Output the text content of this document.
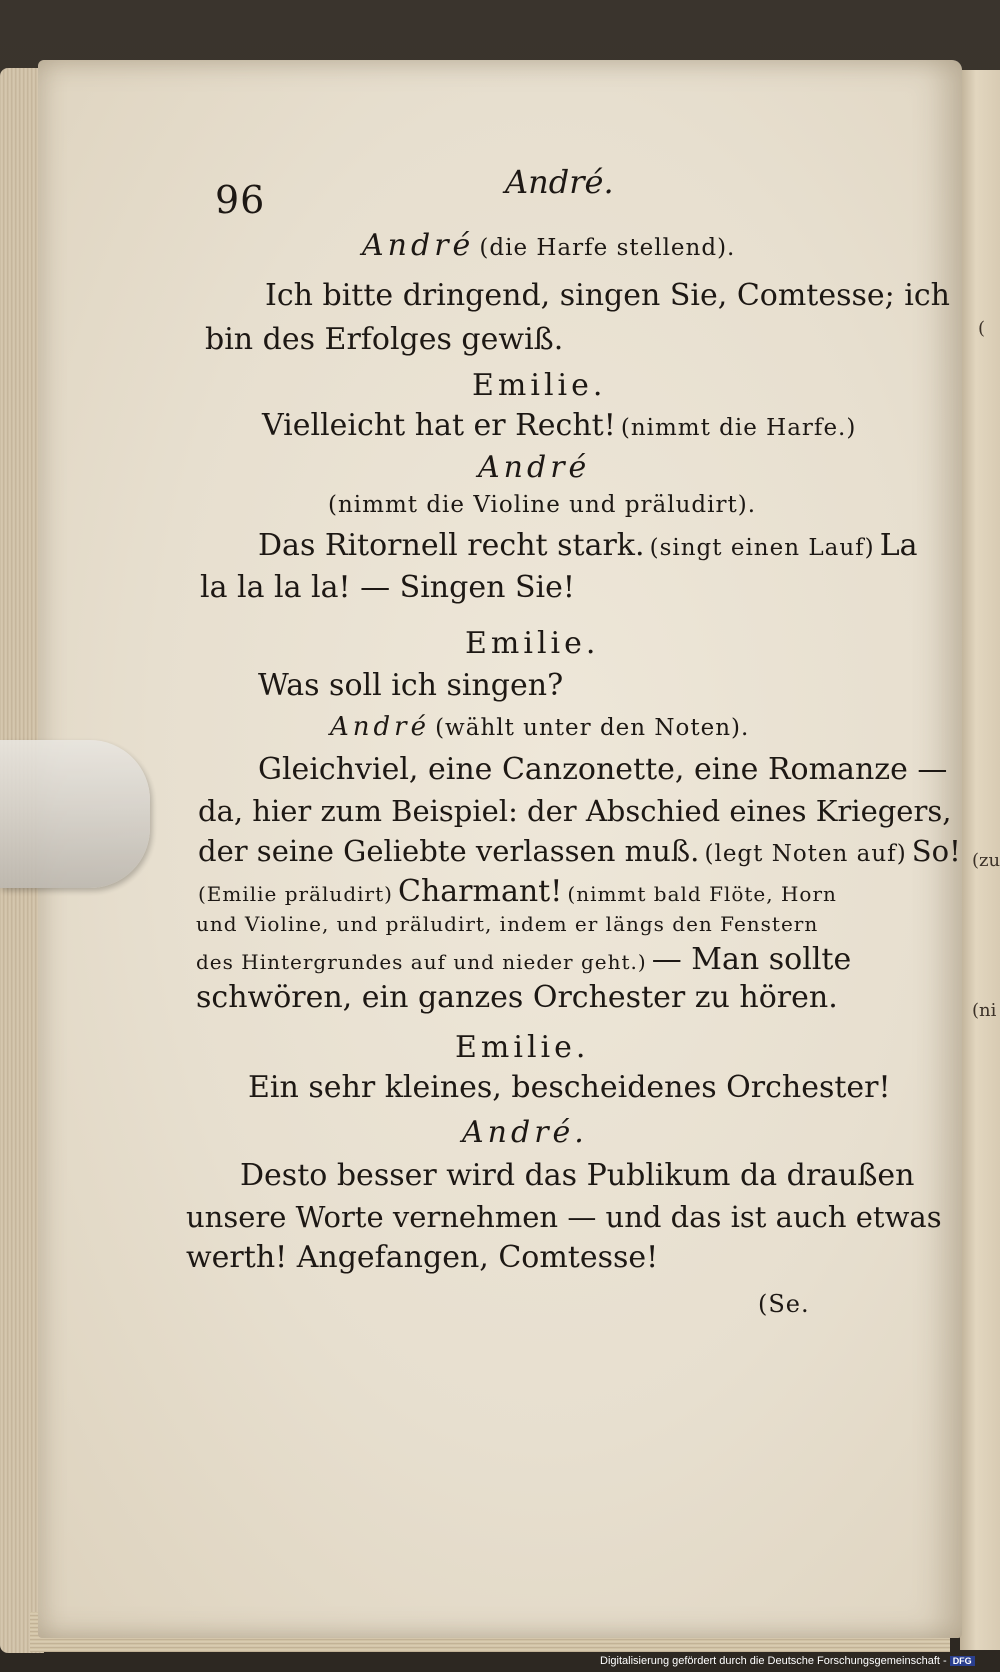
(
(zu
(ni
96	André.
André (die Harfe stellend).
Ich bitte dringend, singen Sie, Comtesse; ich
bin des Erfolges gewiß.
Emilie.
Vielleicht hat er Recht! (nimmt die Harfe.)
André
(nimmt die Violine und präludirt).
Das Ritornell recht stark. (singt einen Lauf) La
la la la la! — Singen Sie!
Emilie.
Was soll ich singen?
André (wählt unter den Noten).
Gleichviel, eine Canzonette, eine Romanze —
da, hier zum Beispiel: der Abschied eines Kriegers,
der seine Geliebte verlassen muß. (legt Noten auf) So!
(Emilie präludirt) Charmant! (nimmt bald Flöte, Horn
und Violine, und präludirt, indem er längs den Fenstern
des Hintergrundes auf und nieder geht.) — Man sollte
schwören, ein ganzes Orchester zu hören.
Emilie.
Ein sehr kleines, bescheidenes Orchester!
André.
Desto besser wird das Publikum da draußen
unsere Worte vernehmen — und das ist auch etwas
werth! Angefangen, Comtesse!
(Se.
Digitalisierung gefördert durch die Deutsche Forschungsgemeinschaft - DFG
